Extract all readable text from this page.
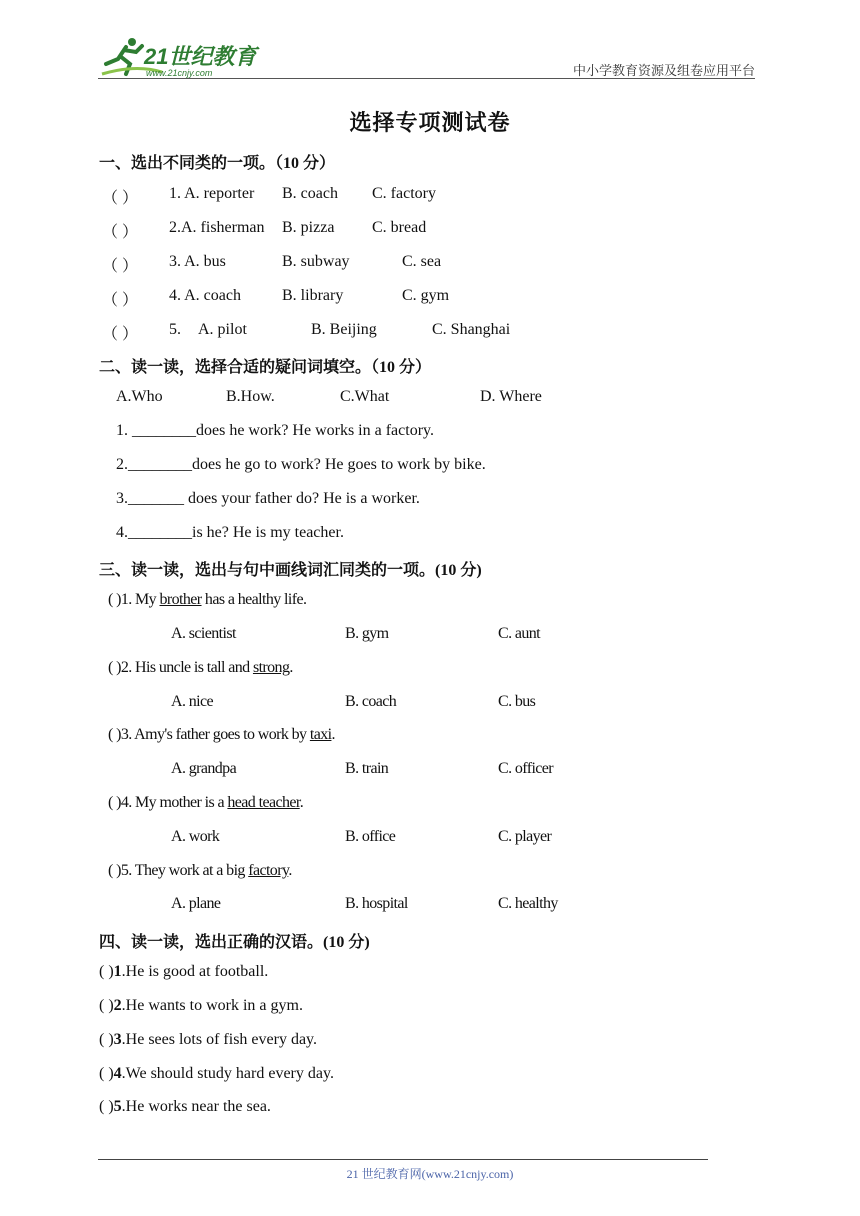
21世纪教育
www.21cnjy.com	中小学教育资源及组卷应用平台
选择专项测试卷
一、选出不同类的一项。（10 分）
（ ） 1. A. reporter B. coach C. factory
（ ） 2.A. fisherman B. pizza C. bread
（ ） 3. A. bus	B. subway	C. sea
（ ） 4. A. coach	B. library	C. gym
（ ） 5. A. pilot	B. Beijing	C. Shanghai
二、读一读，选择合适的疑问词填空。（10 分）
A.Who	B.How.	C.What	D. Where
1. ________does he work? He works in a factory.
2.________does he go to work? He goes to work by bike.
3._______ does your father do? He is a worker.
4.________is he? He is my teacher.
三、读一读，选出与句中画线词汇同类的一项。(10 分)
( )1. My brother has a healthy life.
A. scientist	B. gym	C. aunt
( )2. His uncle is tall and strong.
A. nice	B. coach	C. bus
( )3. Amy's father goes to work by taxi.
A. grandpa	B. train	C. officer
( )4. My mother is a head teacher.
A. work	B. office	C. player
( )5. They work at a big factory.
A. plane	B. hospital	C. healthy
四、读一读，选出正确的汉语。(10 分)
( )1.He is good at football.
( )2.He wants to work in a gym.
( )3.He sees lots of fish every day.
( )4.We should study hard every day.
( )5.He works near the sea.
21 世纪教育网(www.21cnjy.com)
